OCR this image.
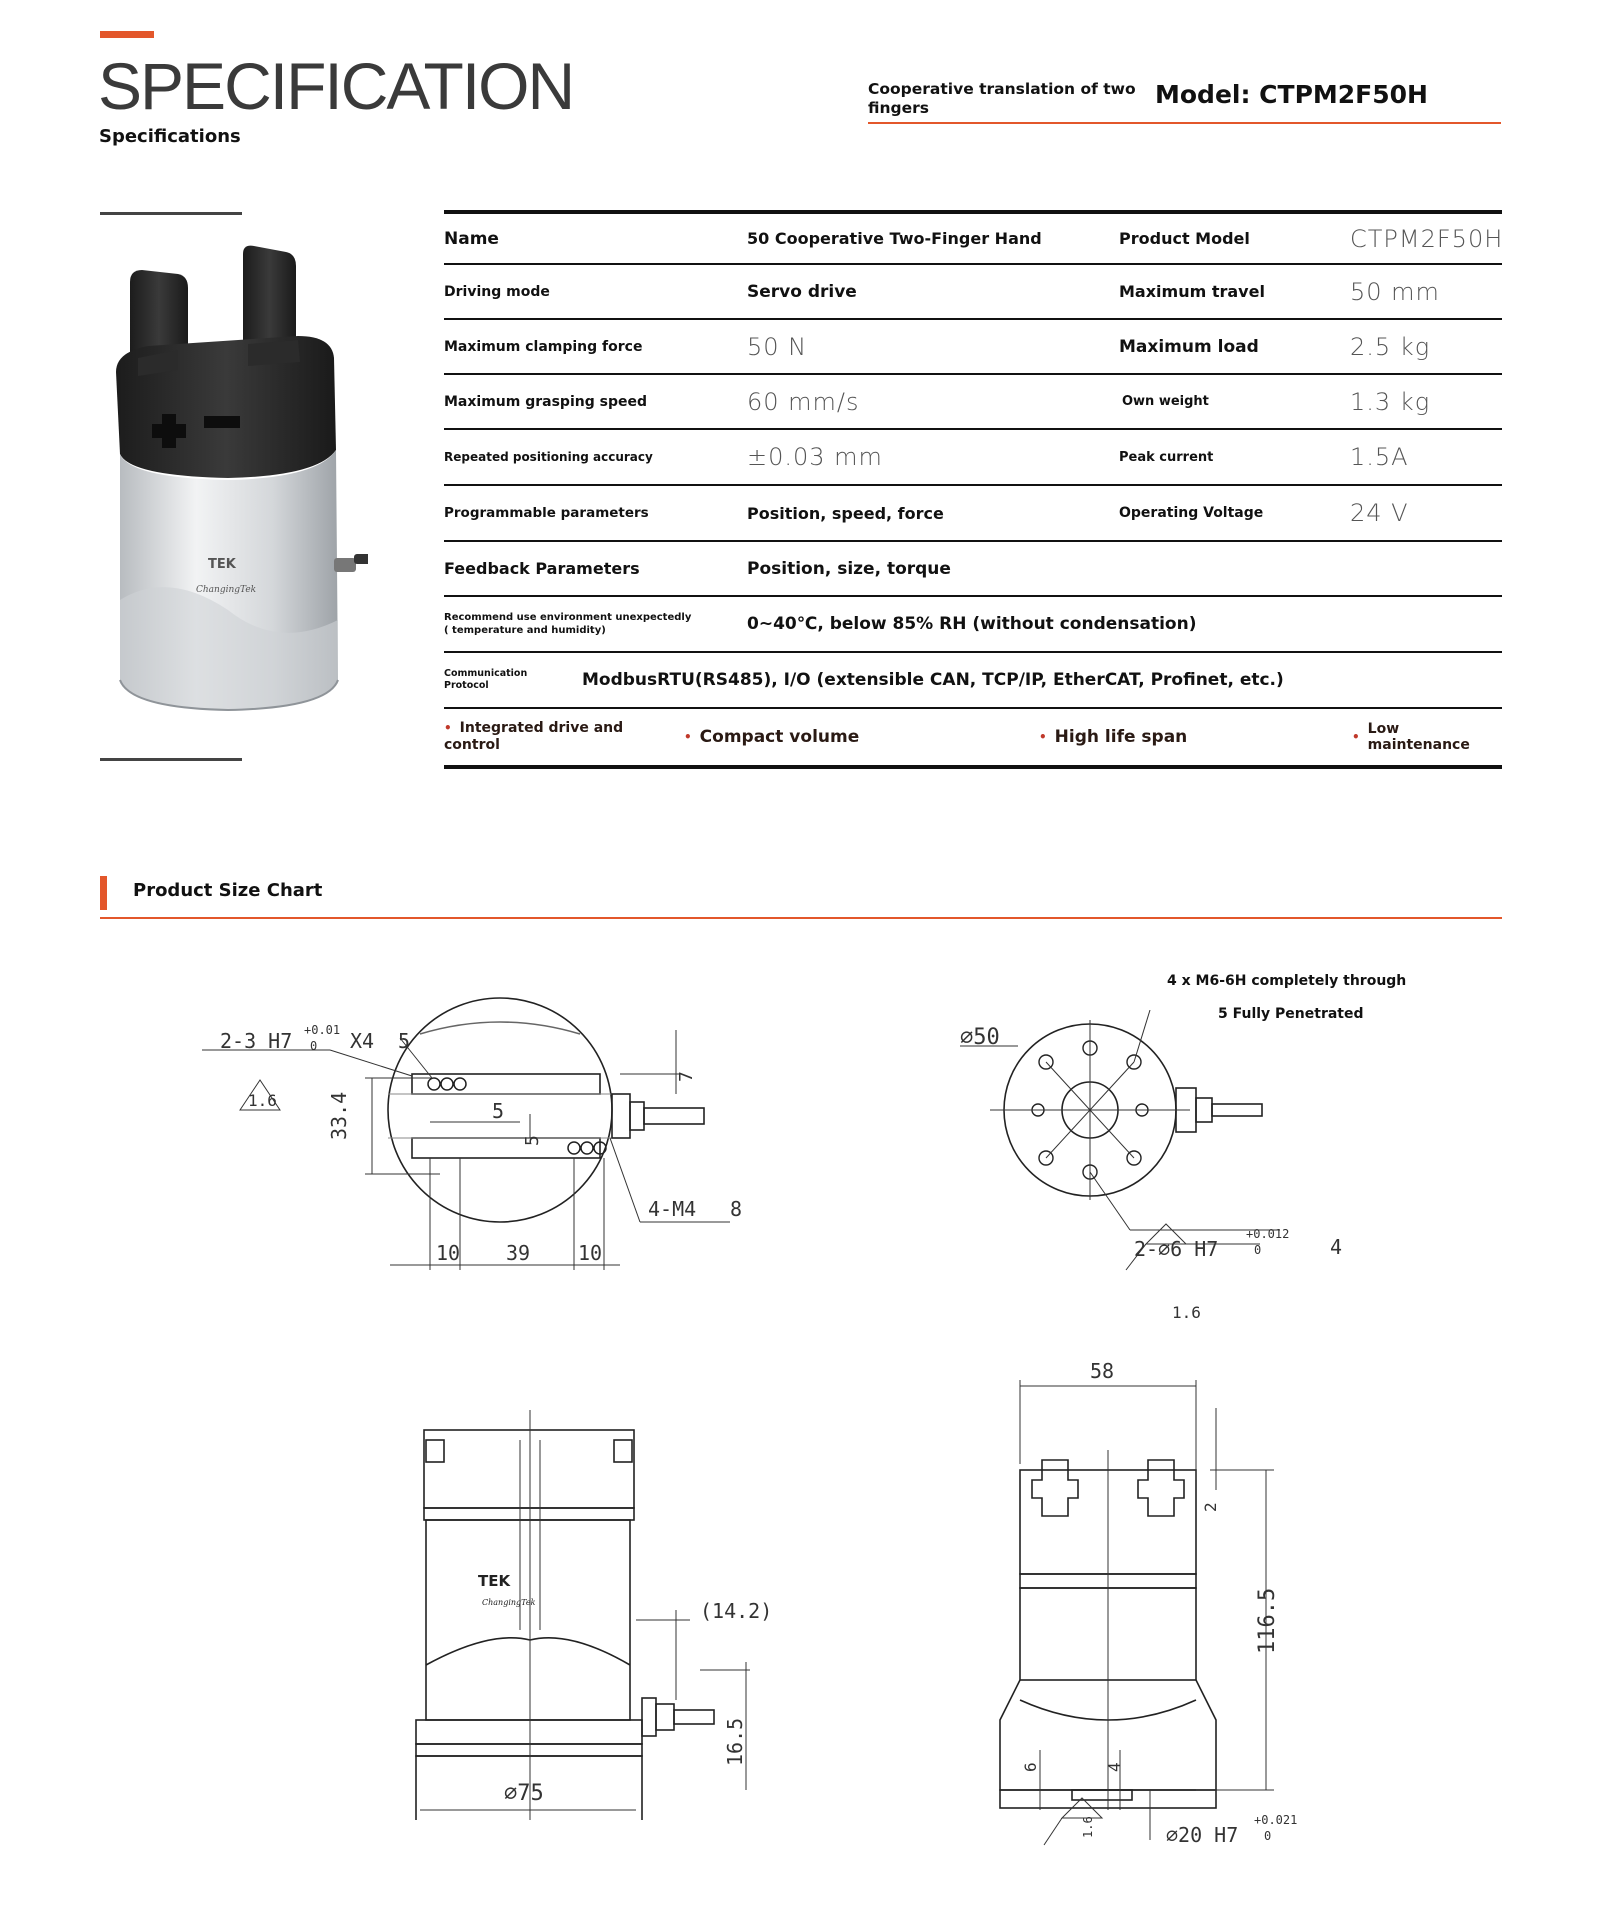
SPECIFICATION
Specifications
Cooperative translation of two fingers	Model: CTPM2F50H
TEK
ChangingTek
Name	50 Cooperative Two-Finger Hand	Product Model	CTPM2F50H
Driving mode	Servo drive	Maximum travel	50 mm
Maximum clamping force	50 N	Maximum load	2.5 kg
Maximum grasping speed	60 mm/s	Own weight	1.3 kg
Repeated positioning accuracy	±0.03 mm	Peak current	1.5A
Programmable parameters	Position, speed, force	Operating Voltage	24 V
Feedback Parameters	Position, size, torque
Recommend use environment unexpectedly ( temperature and humidity)	0~40℃, below 85% RH (without condensation)
Communication Protocol	ModbusRTU(RS485), I/O (extensible CAN, TCP/IP, EtherCAT, Profinet, etc.)
• Integrated drive and control	• Compact volume	• High life span	• Low maintenance
Product Size Chart
2-3 H7 +0.01
0 X4 5
1.6	33.4	5
5
7
4-M4 8
10 39 10
4 x M6-6H completely through
5 Fully Penetrated
⌀50
2-⌀6 H7
+0.012
0	4
1.6
(14.2)
16.5
⌀75
TEK
ChangingTek
58
2
116.5
6	4
1.6	⌀20 H7
+0.021
0
